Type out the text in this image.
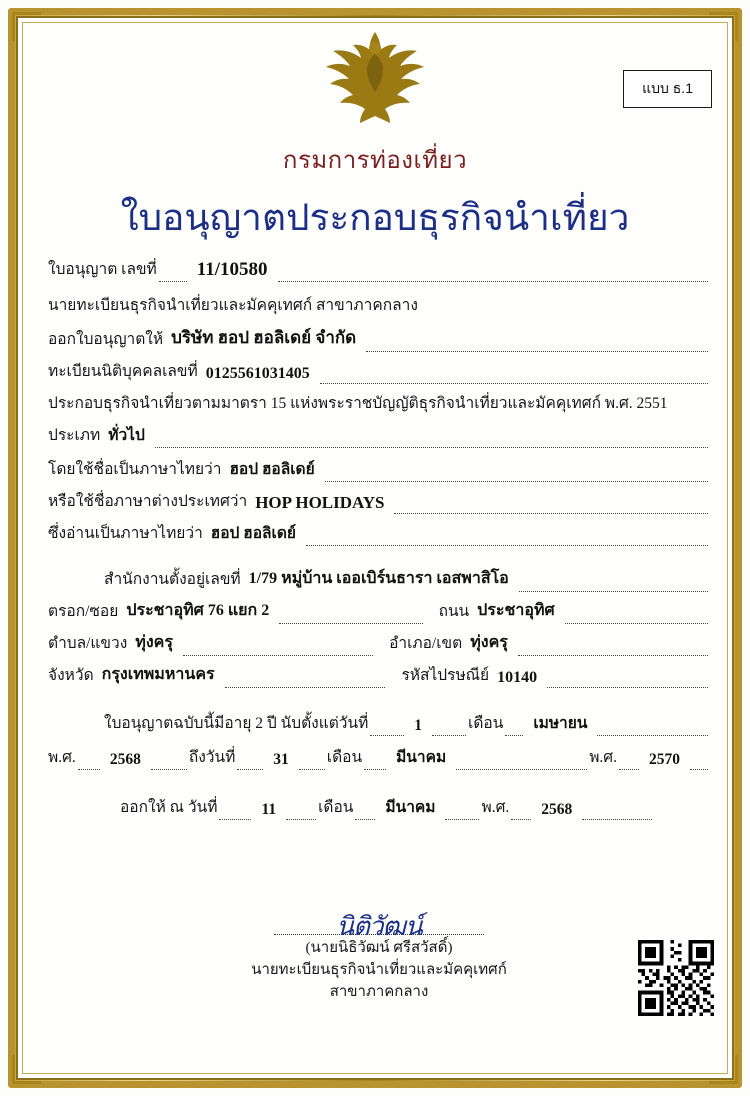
แบบ ธ.1
กรมการท่องเที่ยว
ใบอนุญาตประกอบธุรกิจนำเที่ยว
ใบอนุญาต เลขที่	11/10580
นายทะเบียนธุรกิจนำเที่ยวและมัคคุเทศก์ สาขาภาคกลาง
ออกใบอนุญาตให้ บริษัท ฮอป ฮอลิเดย์ จำกัด
ทะเบียนนิติบุคคลเลขที่ 0125561031405
ประกอบธุรกิจนำเที่ยวตามมาตรา 15 แห่งพระราชบัญญัติธุรกิจนำเที่ยวและมัคคุเทศก์ พ.ศ. 2551
ประเภท ทั่วไป
โดยใช้ชื่อเป็นภาษาไทยว่า ฮอป ฮอลิเดย์
หรือใช้ชื่อภาษาต่างประเทศว่า HOP HOLIDAYS
ซึ่งอ่านเป็นภาษาไทยว่า ฮอป ฮอลิเดย์
สำนักงานตั้งอยู่เลขที่ 1/79 หมู่บ้าน เออเบิร์นธารา เอสพาสิโอ
ตรอก/ซอย ประชาอุทิศ 76 แยก 2	ถนน ประชาอุทิศ
ตำบล/แขวง ทุ่งครุ	อำเภอ/เขต ทุ่งครุ
จังหวัด กรุงเทพมหานคร	รหัสไปรษณีย์ 10140
ใบอนุญาตฉบับนี้มีอายุ 2 ปี นับตั้งแต่วันที่	1	เดือน	เมษายน
พ.ศ.	2568	ถึงวันที่	31	เดือน	มีนาคม	พ.ศ.	2570
ออกให้ ณ วันที่	11	เดือน	มีนาคม	พ.ศ.	2568
นิติวัฒน์
(นายนิธิวัฒน์ ศรีสวัสดิ์)
นายทะเบียนธุรกิจนำเที่ยวและมัคคุเทศก์
สาขาภาคกลาง
